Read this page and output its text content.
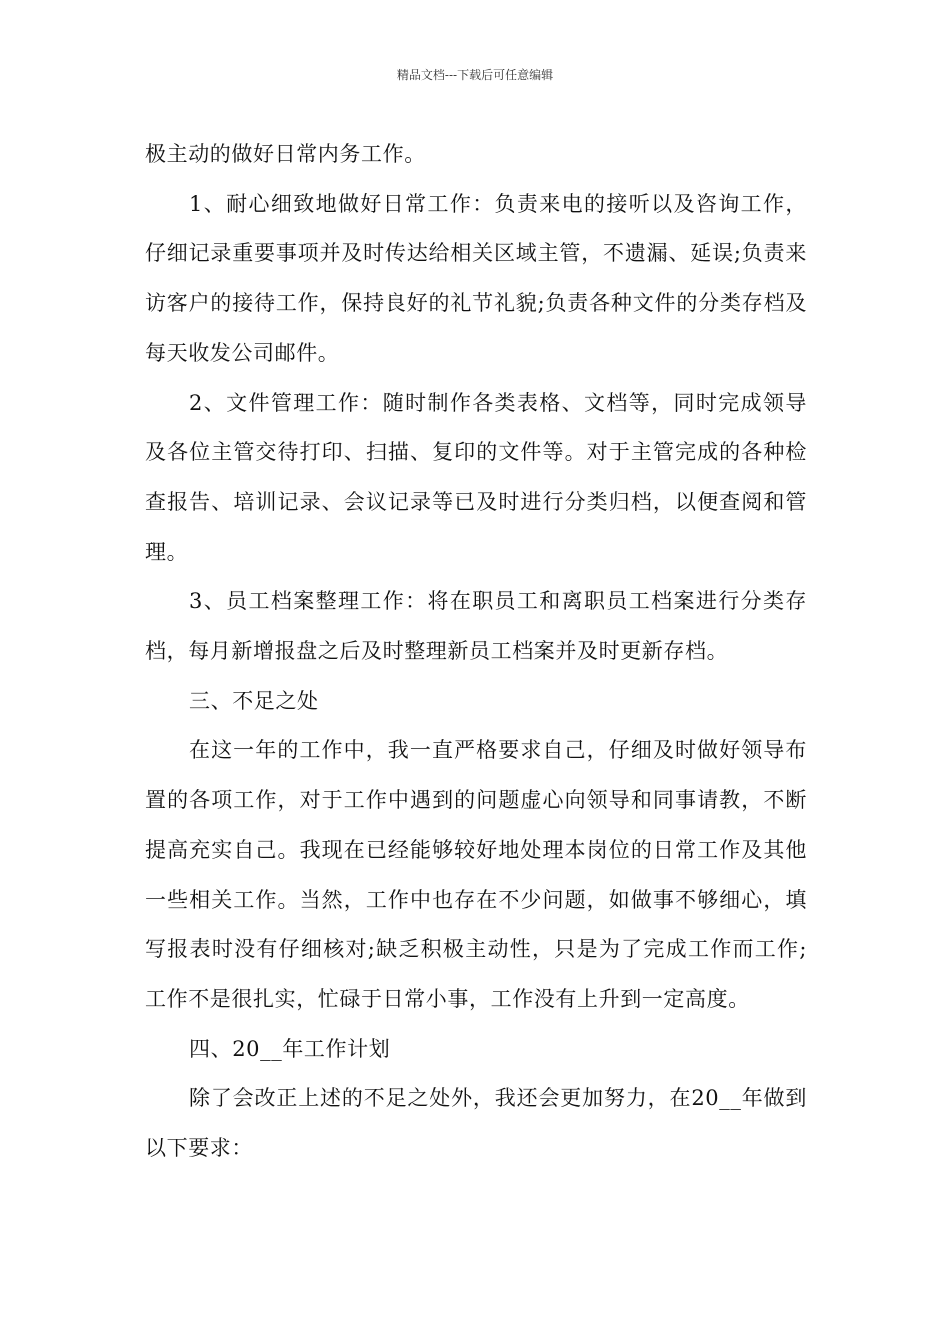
精品文档---下载后可任意编辑

极主动的做好日常内务工作。

1、耐心细致地做好日常工作：负责来电的接听以及咨询工作，仔细记录重要事项并及时传达给相关区域主管，不遗漏、延误;负责来访客户的接待工作，保持良好的礼节礼貌;负责各种文件的分类存档及每天收发公司邮件。

2、文件管理工作：随时制作各类表格、文档等，同时完成领导及各位主管交待打印、扫描、复印的文件等。对于主管完成的各种检查报告、培训记录、会议记录等已及时进行分类归档，以便查阅和管理。

3、员工档案整理工作：将在职员工和离职员工档案进行分类存档，每月新增报盘之后及时整理新员工档案并及时更新存档。

三、不足之处

在这一年的工作中，我一直严格要求自己，仔细及时做好领导布置的各项工作，对于工作中遇到的问题虚心向领导和同事请教，不断提高充实自己。我现在已经能够较好地处理本岗位的日常工作及其他一些相关工作。当然，工作中也存在不少问题，如做事不够细心，填写报表时没有仔细核对;缺乏积极主动性，只是为了完成工作而工作;工作不是很扎实，忙碌于日常小事，工作没有上升到一定高度。

四、20__年工作计划

除了会改正上述的不足之处外，我还会更加努力，在20__年做到以下要求：
